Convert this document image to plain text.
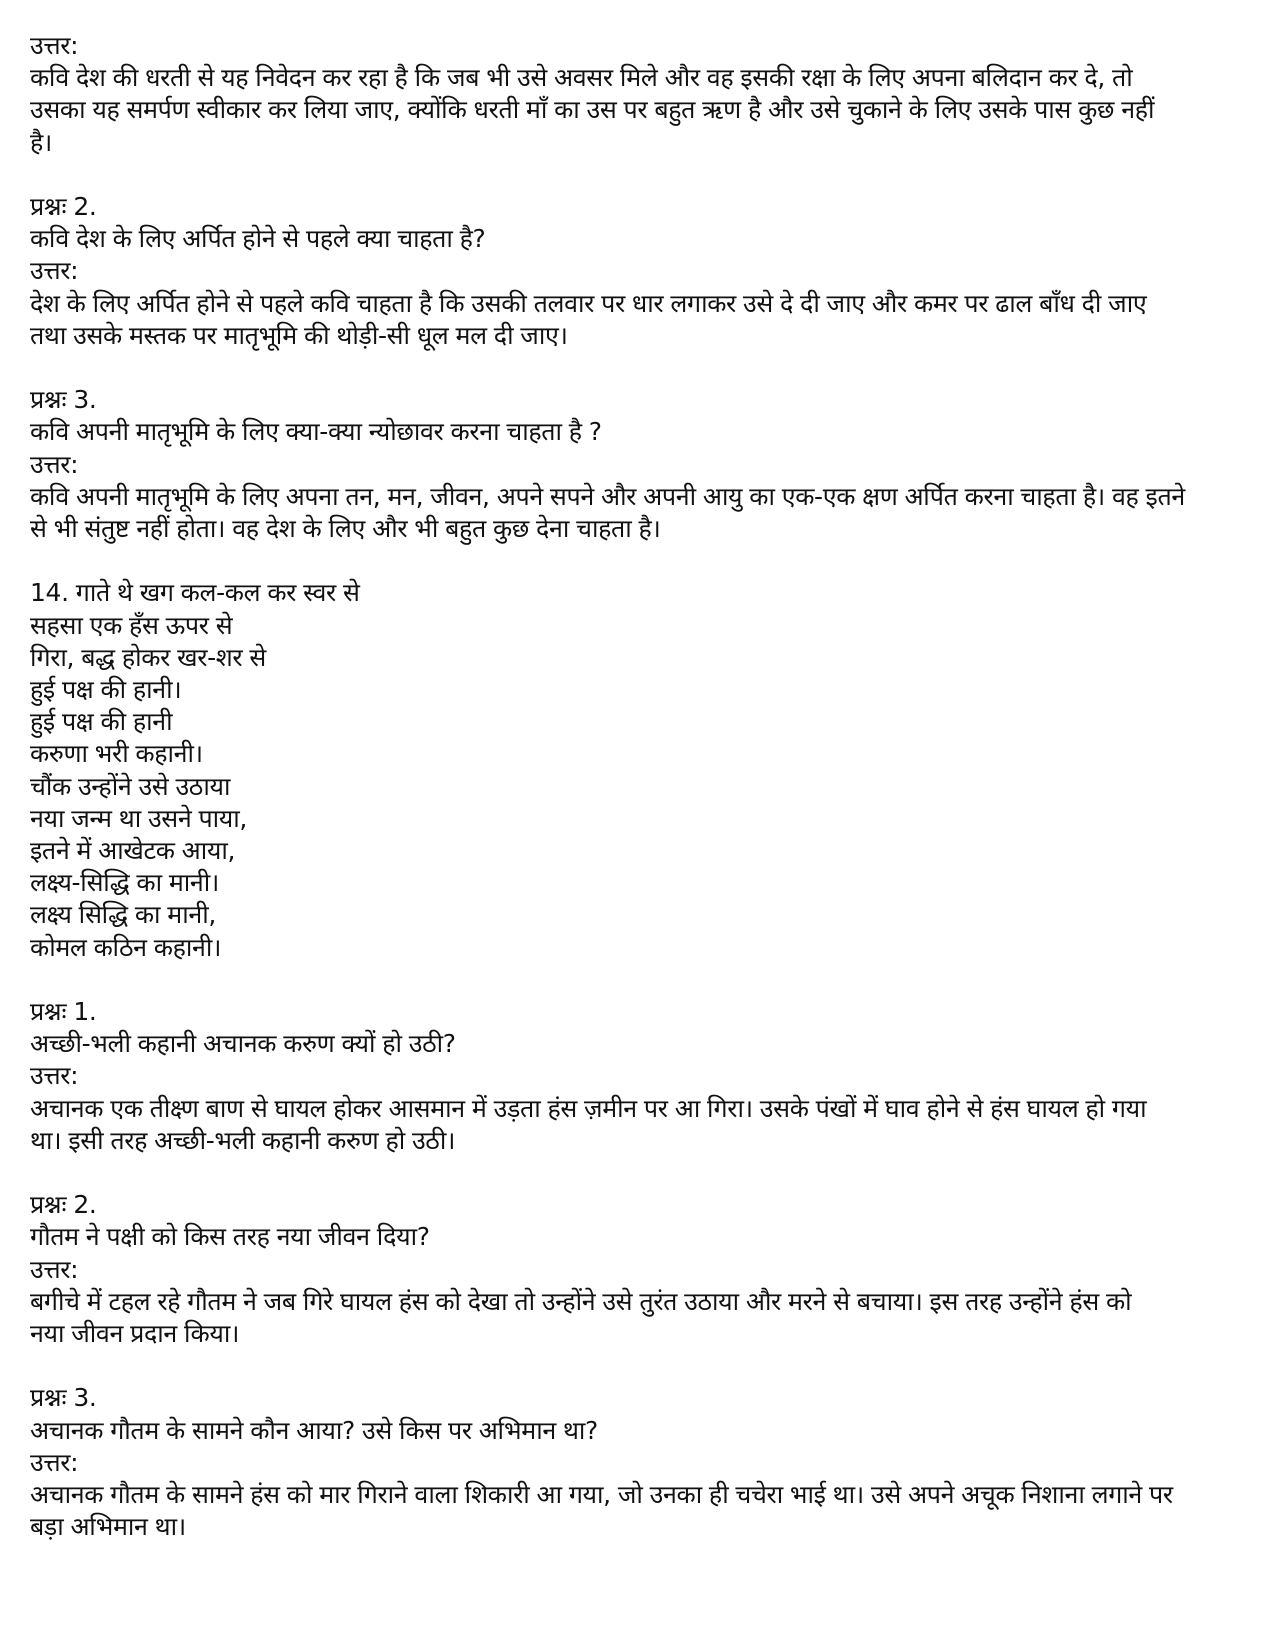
उत्तर:
कवि देश की धरती से यह निवेदन कर रहा है कि जब भी उसे अवसर मिले और वह इसकी रक्षा के लिए अपना बलिदान कर दे, तो
उसका यह समर्पण स्वीकार कर लिया जाए, क्योंकि धरती माँ का उस पर बहुत ऋण है और उसे चुकाने के लिए उसके पास कुछ नहीं
है।
प्रश्नः 2.
कवि देश के लिए अर्पित होने से पहले क्या चाहता है?
उत्तर:
देश के लिए अर्पित होने से पहले कवि चाहता है कि उसकी तलवार पर धार लगाकर उसे दे दी जाए और कमर पर ढाल बाँध दी जाए
तथा उसके मस्तक पर मातृभूमि की थोड़ी-सी धूल मल दी जाए।
प्रश्नः 3.
कवि अपनी मातृभूमि के लिए क्या-क्या न्योछावर करना चाहता है ?
उत्तर:
कवि अपनी मातृभूमि के लिए अपना तन, मन, जीवन, अपने सपने और अपनी आयु का एक-एक क्षण अर्पित करना चाहता है। वह इतने
से भी संतुष्ट नहीं होता। वह देश के लिए और भी बहुत कुछ देना चाहता है।
14. गाते थे खग कल-कल कर स्वर से
सहसा एक हँस ऊपर से
गिरा, बद्ध होकर खर-शर से
हुई पक्ष की हानी।
हुई पक्ष की हानी
करुणा भरी कहानी।
चौंक उन्होंने उसे उठाया
नया जन्म था उसने पाया,
इतने में आखेटक आया,
लक्ष्य-सिद्धि का मानी।
लक्ष्य सिद्धि का मानी,
कोमल कठिन कहानी।
प्रश्नः 1.
अच्छी-भली कहानी अचानक करुण क्यों हो उठी?
उत्तर:
अचानक एक तीक्ष्ण बाण से घायल होकर आसमान में उड़ता हंस ज़मीन पर आ गिरा। उसके पंखों में घाव होने से हंस घायल हो गया
था। इसी तरह अच्छी-भली कहानी करुण हो उठी।
प्रश्नः 2.
गौतम ने पक्षी को किस तरह नया जीवन दिया?
उत्तर:
बगीचे में टहल रहे गौतम ने जब गिरे घायल हंस को देखा तो उन्होंने उसे तुरंत उठाया और मरने से बचाया। इस तरह उन्होंने हंस को
नया जीवन प्रदान किया।
प्रश्नः 3.
अचानक गौतम के सामने कौन आया? उसे किस पर अभिमान था?
उत्तर:
अचानक गौतम के सामने हंस को मार गिराने वाला शिकारी आ गया, जो उनका ही चचेरा भाई था। उसे अपने अचूक निशाना लगाने पर
बड़ा अभिमान था।
